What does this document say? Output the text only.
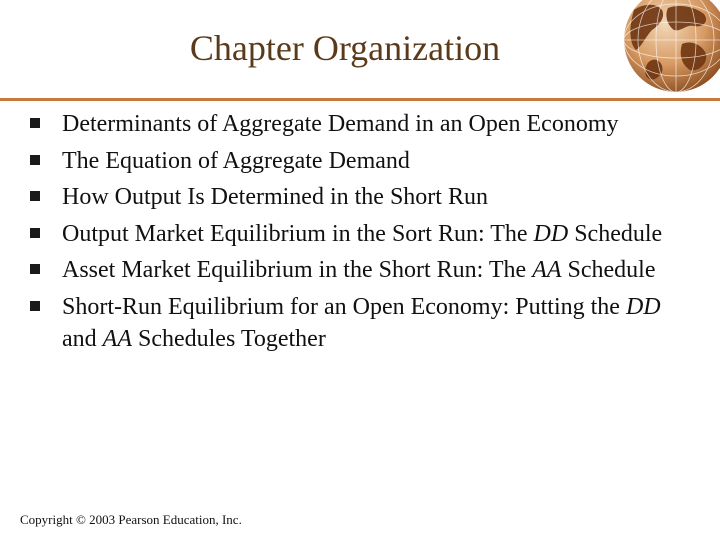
Chapter Organization
Determinants of Aggregate Demand in an Open Economy
The Equation of Aggregate Demand
How Output Is Determined in the Short Run
Output Market Equilibrium in the Sort Run: The DD Schedule
Asset Market Equilibrium in the Short Run: The AA Schedule
Short-Run Equilibrium for an Open Economy: Putting the DD and AA Schedules Together
Copyright © 2003 Pearson Education, Inc.
